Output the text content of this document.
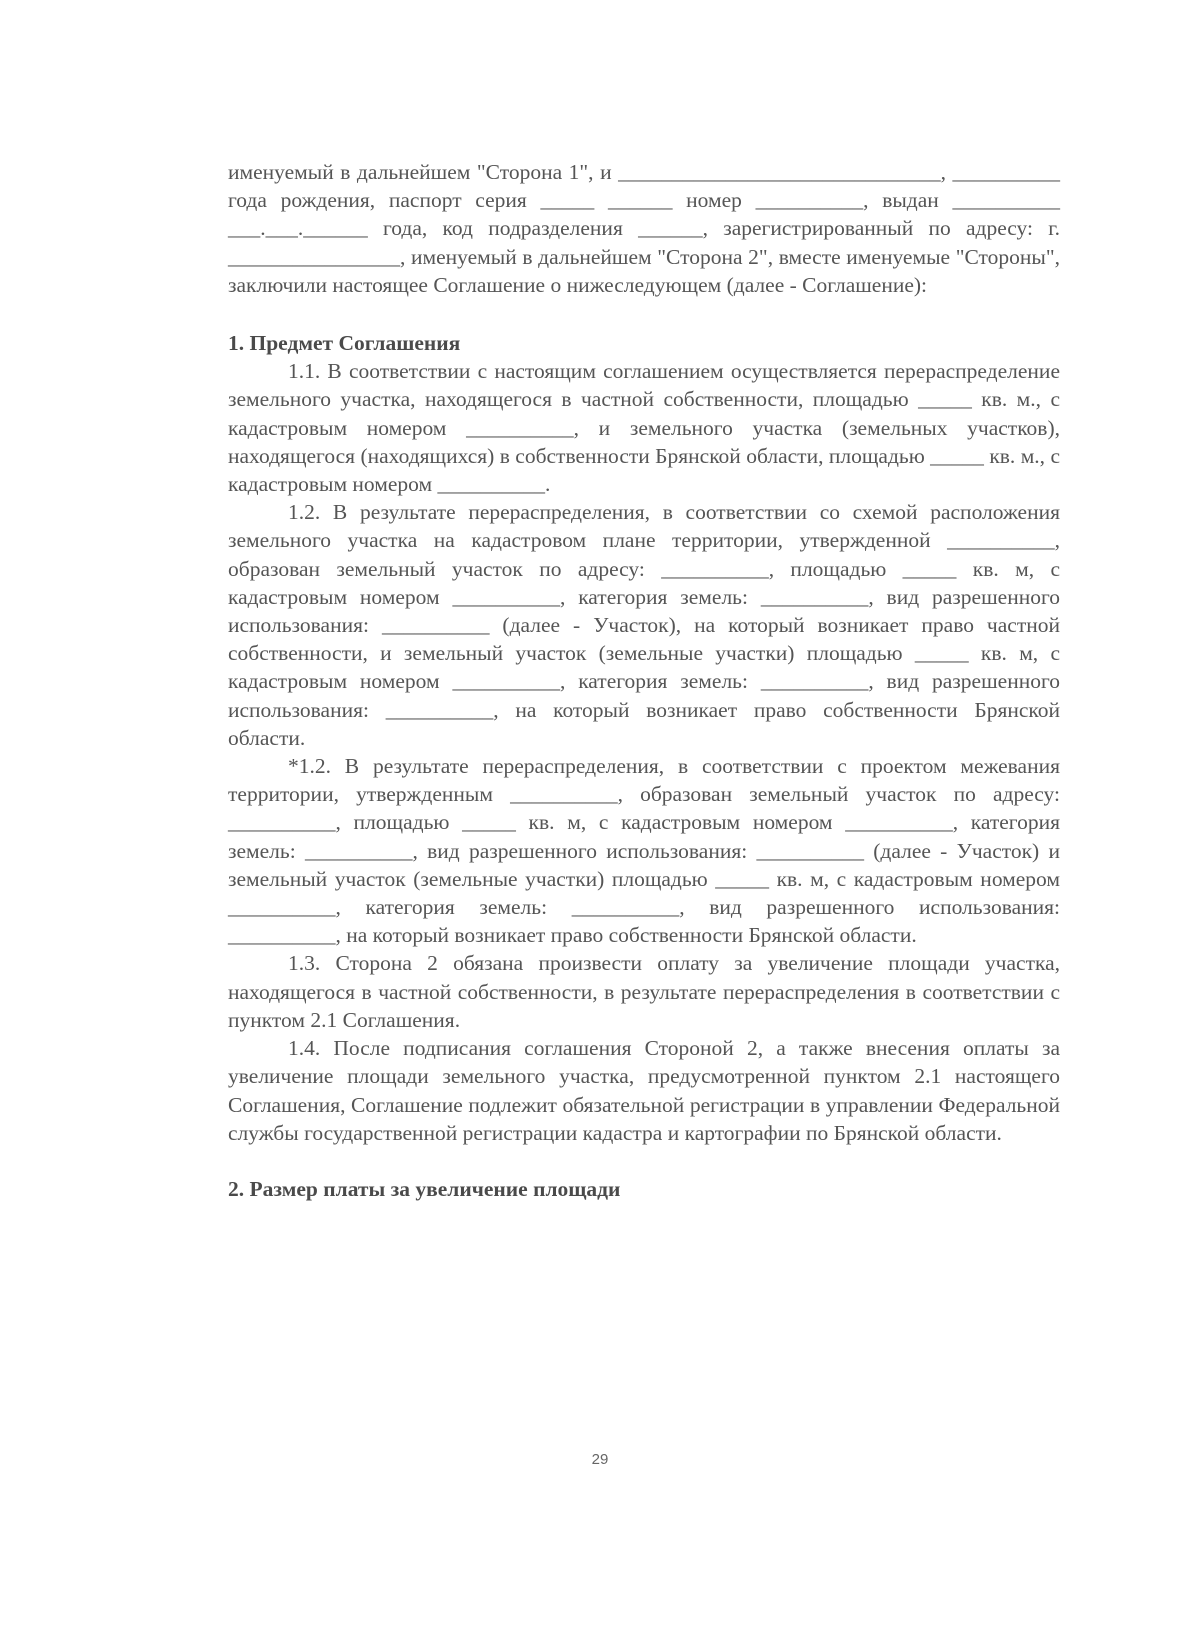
именуемый в дальнейшем "Сторона 1", и ______________________________, __________ года рождения, паспорт серия _____ ______ номер __________, выдан __________ ___.___.______ года, код подразделения ______, зарегистрированный по адресу: г. ________________, именуемый в дальнейшем "Сторона 2", вместе именуемые "Стороны", заключили настоящее Соглашение о нижеследующем (далее - Соглашение):

1. Предмет Соглашения

1.1. В соответствии с настоящим соглашением осуществляется перераспределение земельного участка, находящегося в частной собственности, площадью _____ кв. м., с кадастровым номером __________, и земельного участка (земельных участков), находящегося (находящихся) в собственности Брянской области, площадью _____ кв. м., с кадастровым номером __________.

1.2. В результате перераспределения, в соответствии со схемой расположения земельного участка на кадастровом плане территории, утвержденной __________, образован земельный участок по адресу: __________, площадью _____ кв. м, с кадастровым номером __________, категория земель: __________, вид разрешенного использования: __________ (далее - Участок), на который возникает право частной собственности, и земельный участок (земельные участки) площадью _____ кв. м, с кадастровым номером __________, категория земель: __________, вид разрешенного использования: __________, на который возникает право собственности Брянской области.

*1.2. В результате перераспределения, в соответствии с проектом межевания территории, утвержденным __________, образован земельный участок по адресу: __________, площадью _____ кв. м, с кадастровым номером __________, категория земель: __________, вид разрешенного использования: __________ (далее - Участок) и земельный участок (земельные участки) площадью _____ кв. м, с кадастровым номером __________, категория земель: __________, вид разрешенного использования: __________, на который возникает право собственности Брянской области.

1.3. Сторона 2 обязана произвести оплату за увеличение площади участка, находящегося в частной собственности, в результате перераспределения в соответствии с пунктом 2.1 Соглашения.

1.4. После подписания соглашения Стороной 2, а также внесения оплаты за увеличение площади земельного участка, предусмотренной пунктом 2.1 настоящего Соглашения, Соглашение подлежит обязательной регистрации в управлении Федеральной службы государственной регистрации кадастра и картографии по Брянской области.

2. Размер платы за увеличение площади

29
